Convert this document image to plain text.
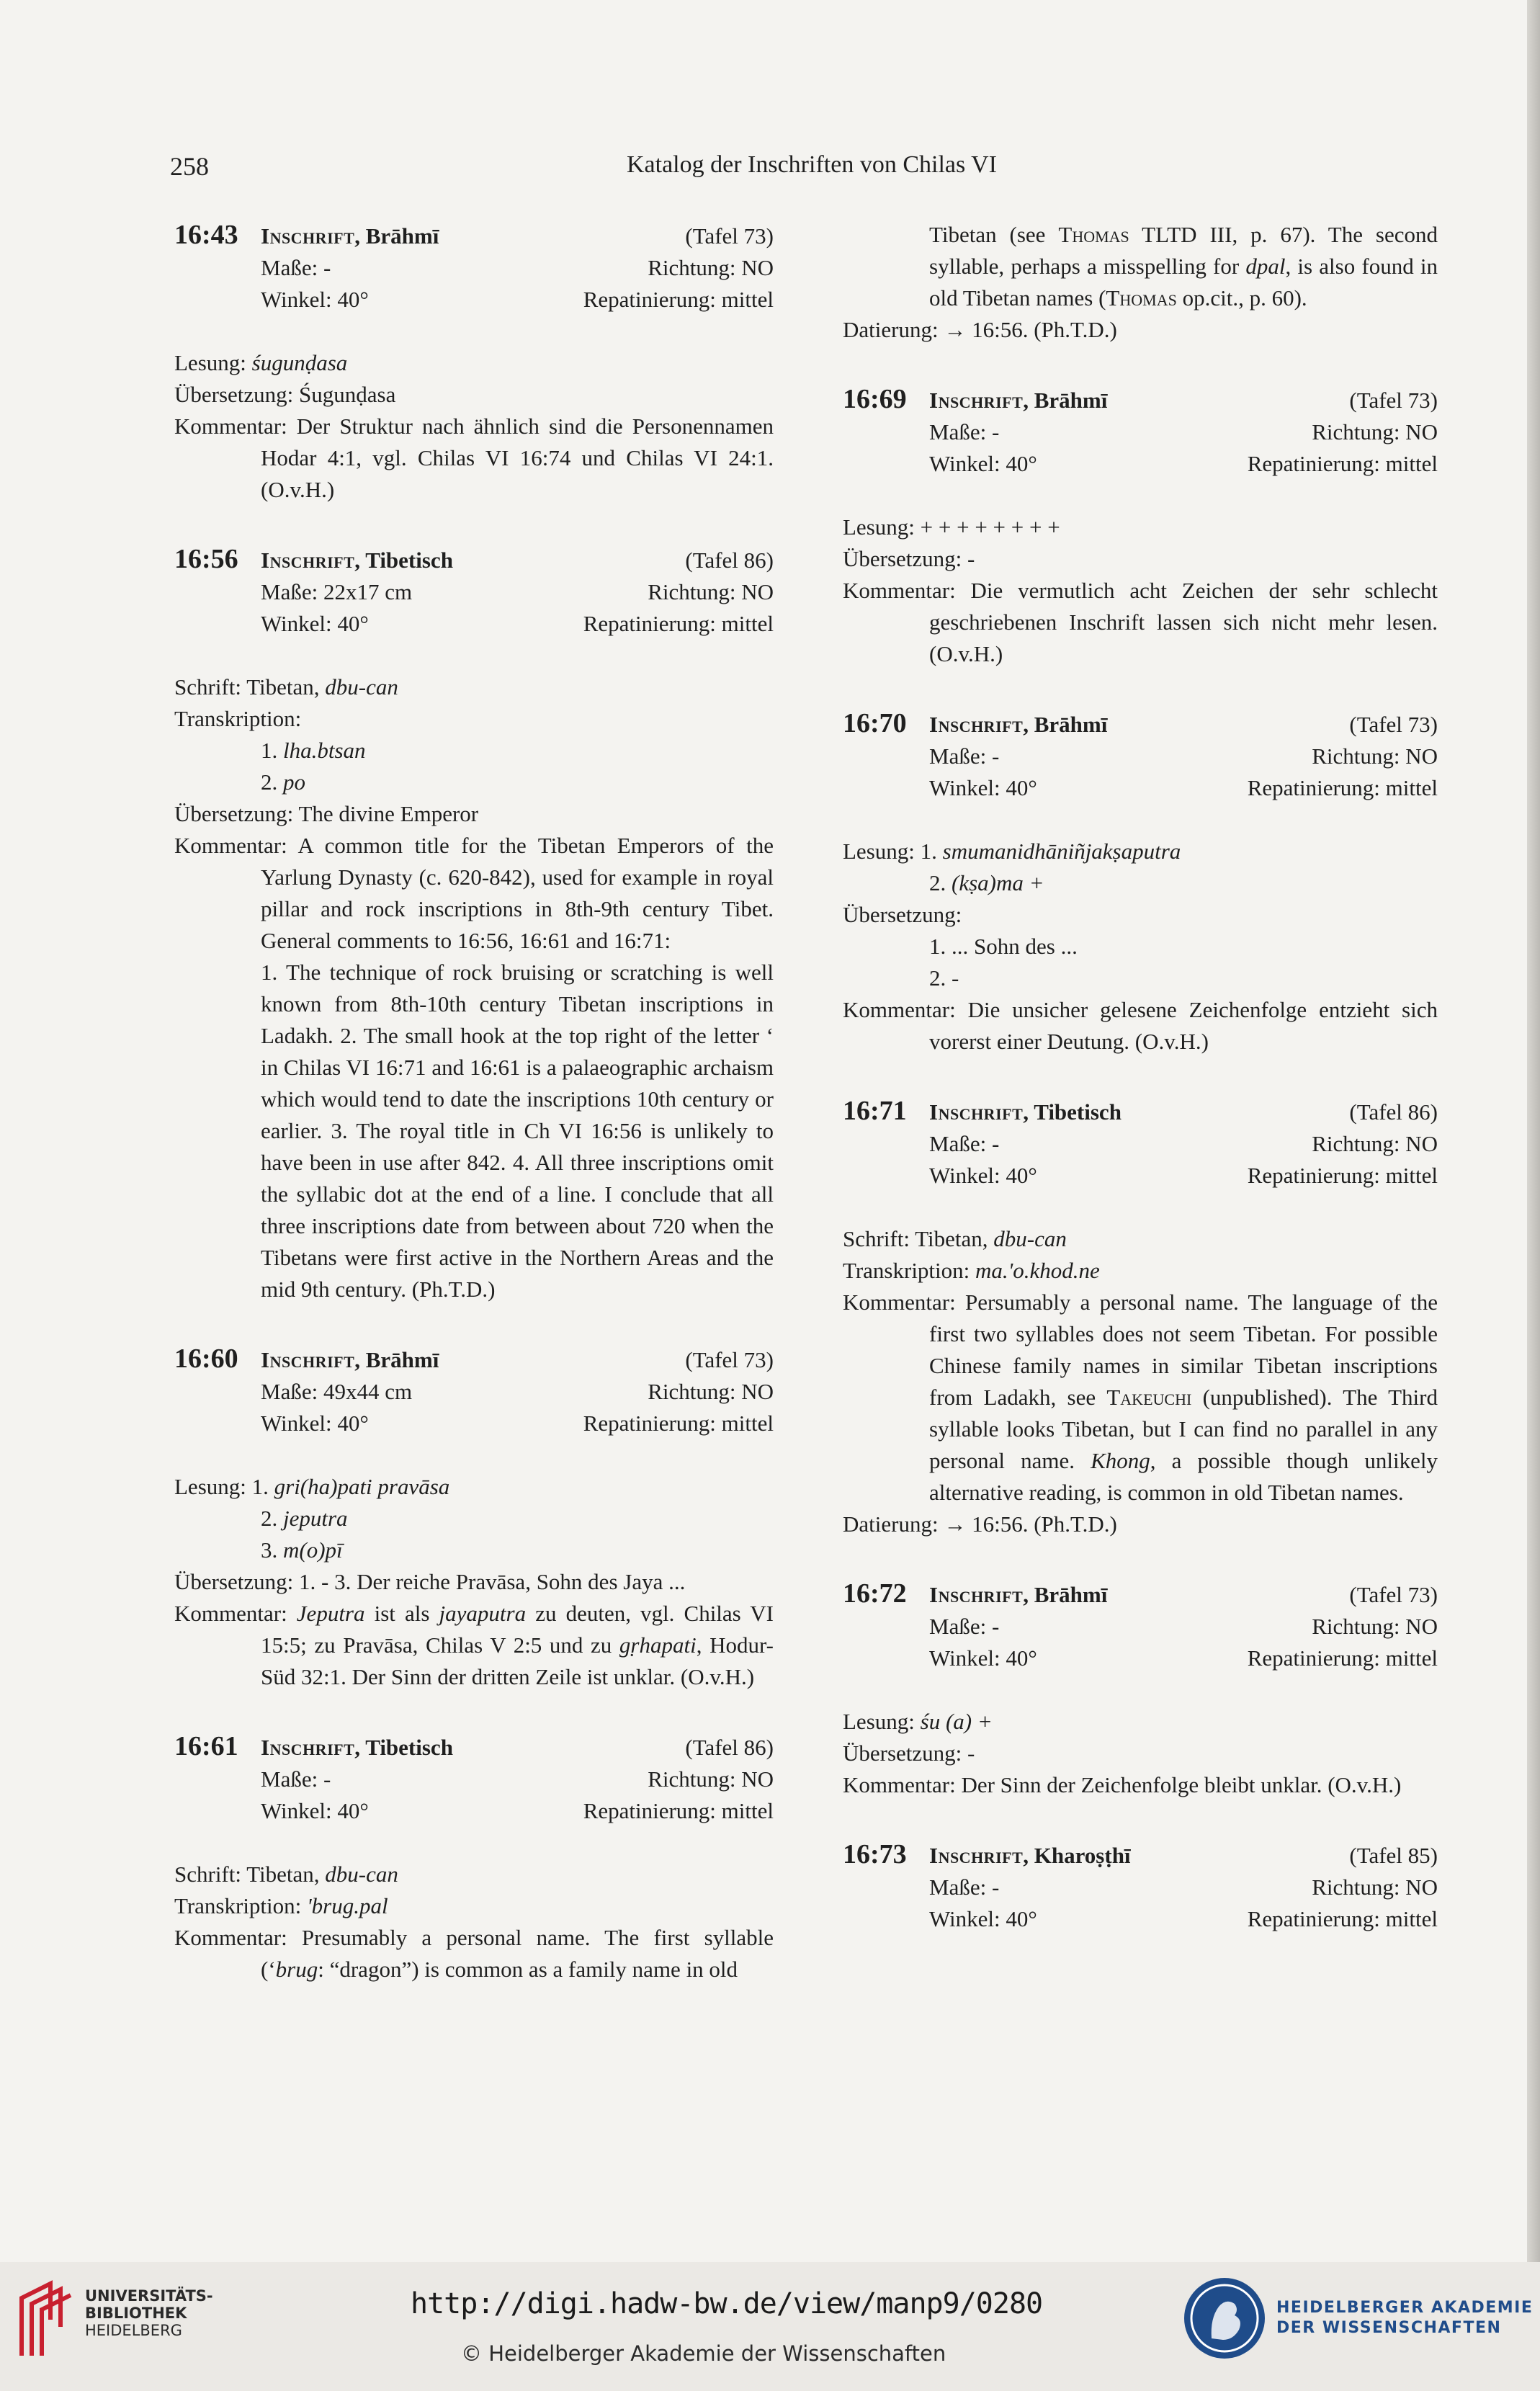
258	Katalog der Inschriften von Chilas VI
16:43	Inschrift, Brāhmī	(Tafel 73)
Maße: -	Richtung: NO
Winkel: 40°	Repatinierung: mittel
Lesung: śugunḍasa
Übersetzung: Śugunḍasa
Kommentar: Der Struktur nach ähnlich sind die Personennamen Hodar 4:1, vgl. Chilas VI 16:74 und Chilas VI 24:1. (O.v.H.)
16:56	Inschrift, Tibetisch	(Tafel 86)
Maße: 22x17 cm	Richtung: NO
Winkel: 40°	Repatinierung: mittel
Schrift: Tibetan, dbu-can
Transkription:
1. lha.btsan
2. po
Übersetzung: The divine Emperor
Kommentar: A common title for the Tibetan Emperors of the Yarlung Dynasty (c. 620-842), used for example in royal pillar and rock inscriptions in 8th-9th century Tibet. General comments to 16:56, 16:61 and 16:71:
1. The technique of rock bruising or scratching is well known from 8th-10th century Tibetan inscriptions in Ladakh. 2. The small hook at the top right of the letter ‘ in Chilas VI 16:71 and 16:61 is a palaeographic archaism which would tend to date the inscriptions 10th century or earlier. 3. The royal title in Ch VI 16:56 is unlikely to have been in use after 842. 4. All three inscriptions omit the syllabic dot at the end of a line. I conclude that all three inscriptions date from between about 720 when the Tibetans were first active in the Northern Areas and the mid 9th century. (Ph.T.D.)
16:60	Inschrift, Brāhmī	(Tafel 73)
Maße: 49x44 cm	Richtung: NO
Winkel: 40°	Repatinierung: mittel
Lesung: 1. gri(ha)pati pravāsa
2. jeputra
3. m(o)pī
Übersetzung: 1. - 3. Der reiche Pravāsa, Sohn des Jaya ...
Kommentar: Jeputra ist als jayaputra zu deuten, vgl. Chilas VI 15:5; zu Pravāsa, Chilas V 2:5 und zu gṛhapati, Hodur-Süd 32:1. Der Sinn der dritten Zeile ist unklar. (O.v.H.)
16:61	Inschrift, Tibetisch	(Tafel 86)
Maße: -	Richtung: NO
Winkel: 40°	Repatinierung: mittel
Schrift: Tibetan, dbu-can
Transkription: 'brug.pal
Kommentar: Presumably a personal name. The first syllable (‘brug: “dragon”) is common as a family name in old
Tibetan (see Thomas TLTD III, p. 67). The second syllable, perhaps a misspelling for dpal, is also found in old Tibetan names (Thomas op.cit., p. 60).
Datierung: → 16:56. (Ph.T.D.)
16:69	Inschrift, Brāhmī	(Tafel 73)
Maße: -	Richtung: NO
Winkel: 40°	Repatinierung: mittel
Lesung: + + + + + + + +
Übersetzung: -
Kommentar: Die vermutlich acht Zeichen der sehr schlecht geschriebenen Inschrift lassen sich nicht mehr lesen. (O.v.H.)
16:70	Inschrift, Brāhmī	(Tafel 73)
Maße: -	Richtung: NO
Winkel: 40°	Repatinierung: mittel
Lesung: 1. smumanidhāniñjakṣaputra
2. (kṣa)ma +
Übersetzung:
1. ... Sohn des ...
2. -
Kommentar: Die unsicher gelesene Zeichenfolge entzieht sich vorerst einer Deutung. (O.v.H.)
16:71	Inschrift, Tibetisch	(Tafel 86)
Maße: -	Richtung: NO
Winkel: 40°	Repatinierung: mittel
Schrift: Tibetan, dbu-can
Transkription: ma.'o.khod.ne
Kommentar: Persumably a personal name. The language of the first two syllables does not seem Tibetan. For possible Chinese family names in similar Tibetan inscriptions from Ladakh, see Takeuchi (unpublished). The Third syllable looks Tibetan, but I can find no parallel in any personal name. Khong, a possible though unlikely alternative reading, is common in old Tibetan names.
Datierung: → 16:56. (Ph.T.D.)
16:72	Inschrift, Brāhmī	(Tafel 73)
Maße: -	Richtung: NO
Winkel: 40°	Repatinierung: mittel
Lesung: śu (a) +
Übersetzung: -
Kommentar: Der Sinn der Zeichenfolge bleibt unklar. (O.v.H.)
16:73	Inschrift, Kharoṣṭhī	(Tafel 85)
Maße: -	Richtung: NO
Winkel: 40°	Repatinierung: mittel
UNIVERSITÄTS-
BIBLIOTHEK
HEIDELBERG
http://digi.hadw-bw.de/view/manp9/0280
© Heidelberger Akademie der Wissenschaften
HEIDELBERGER AKADEMIE
DER WISSENSCHAFTEN
